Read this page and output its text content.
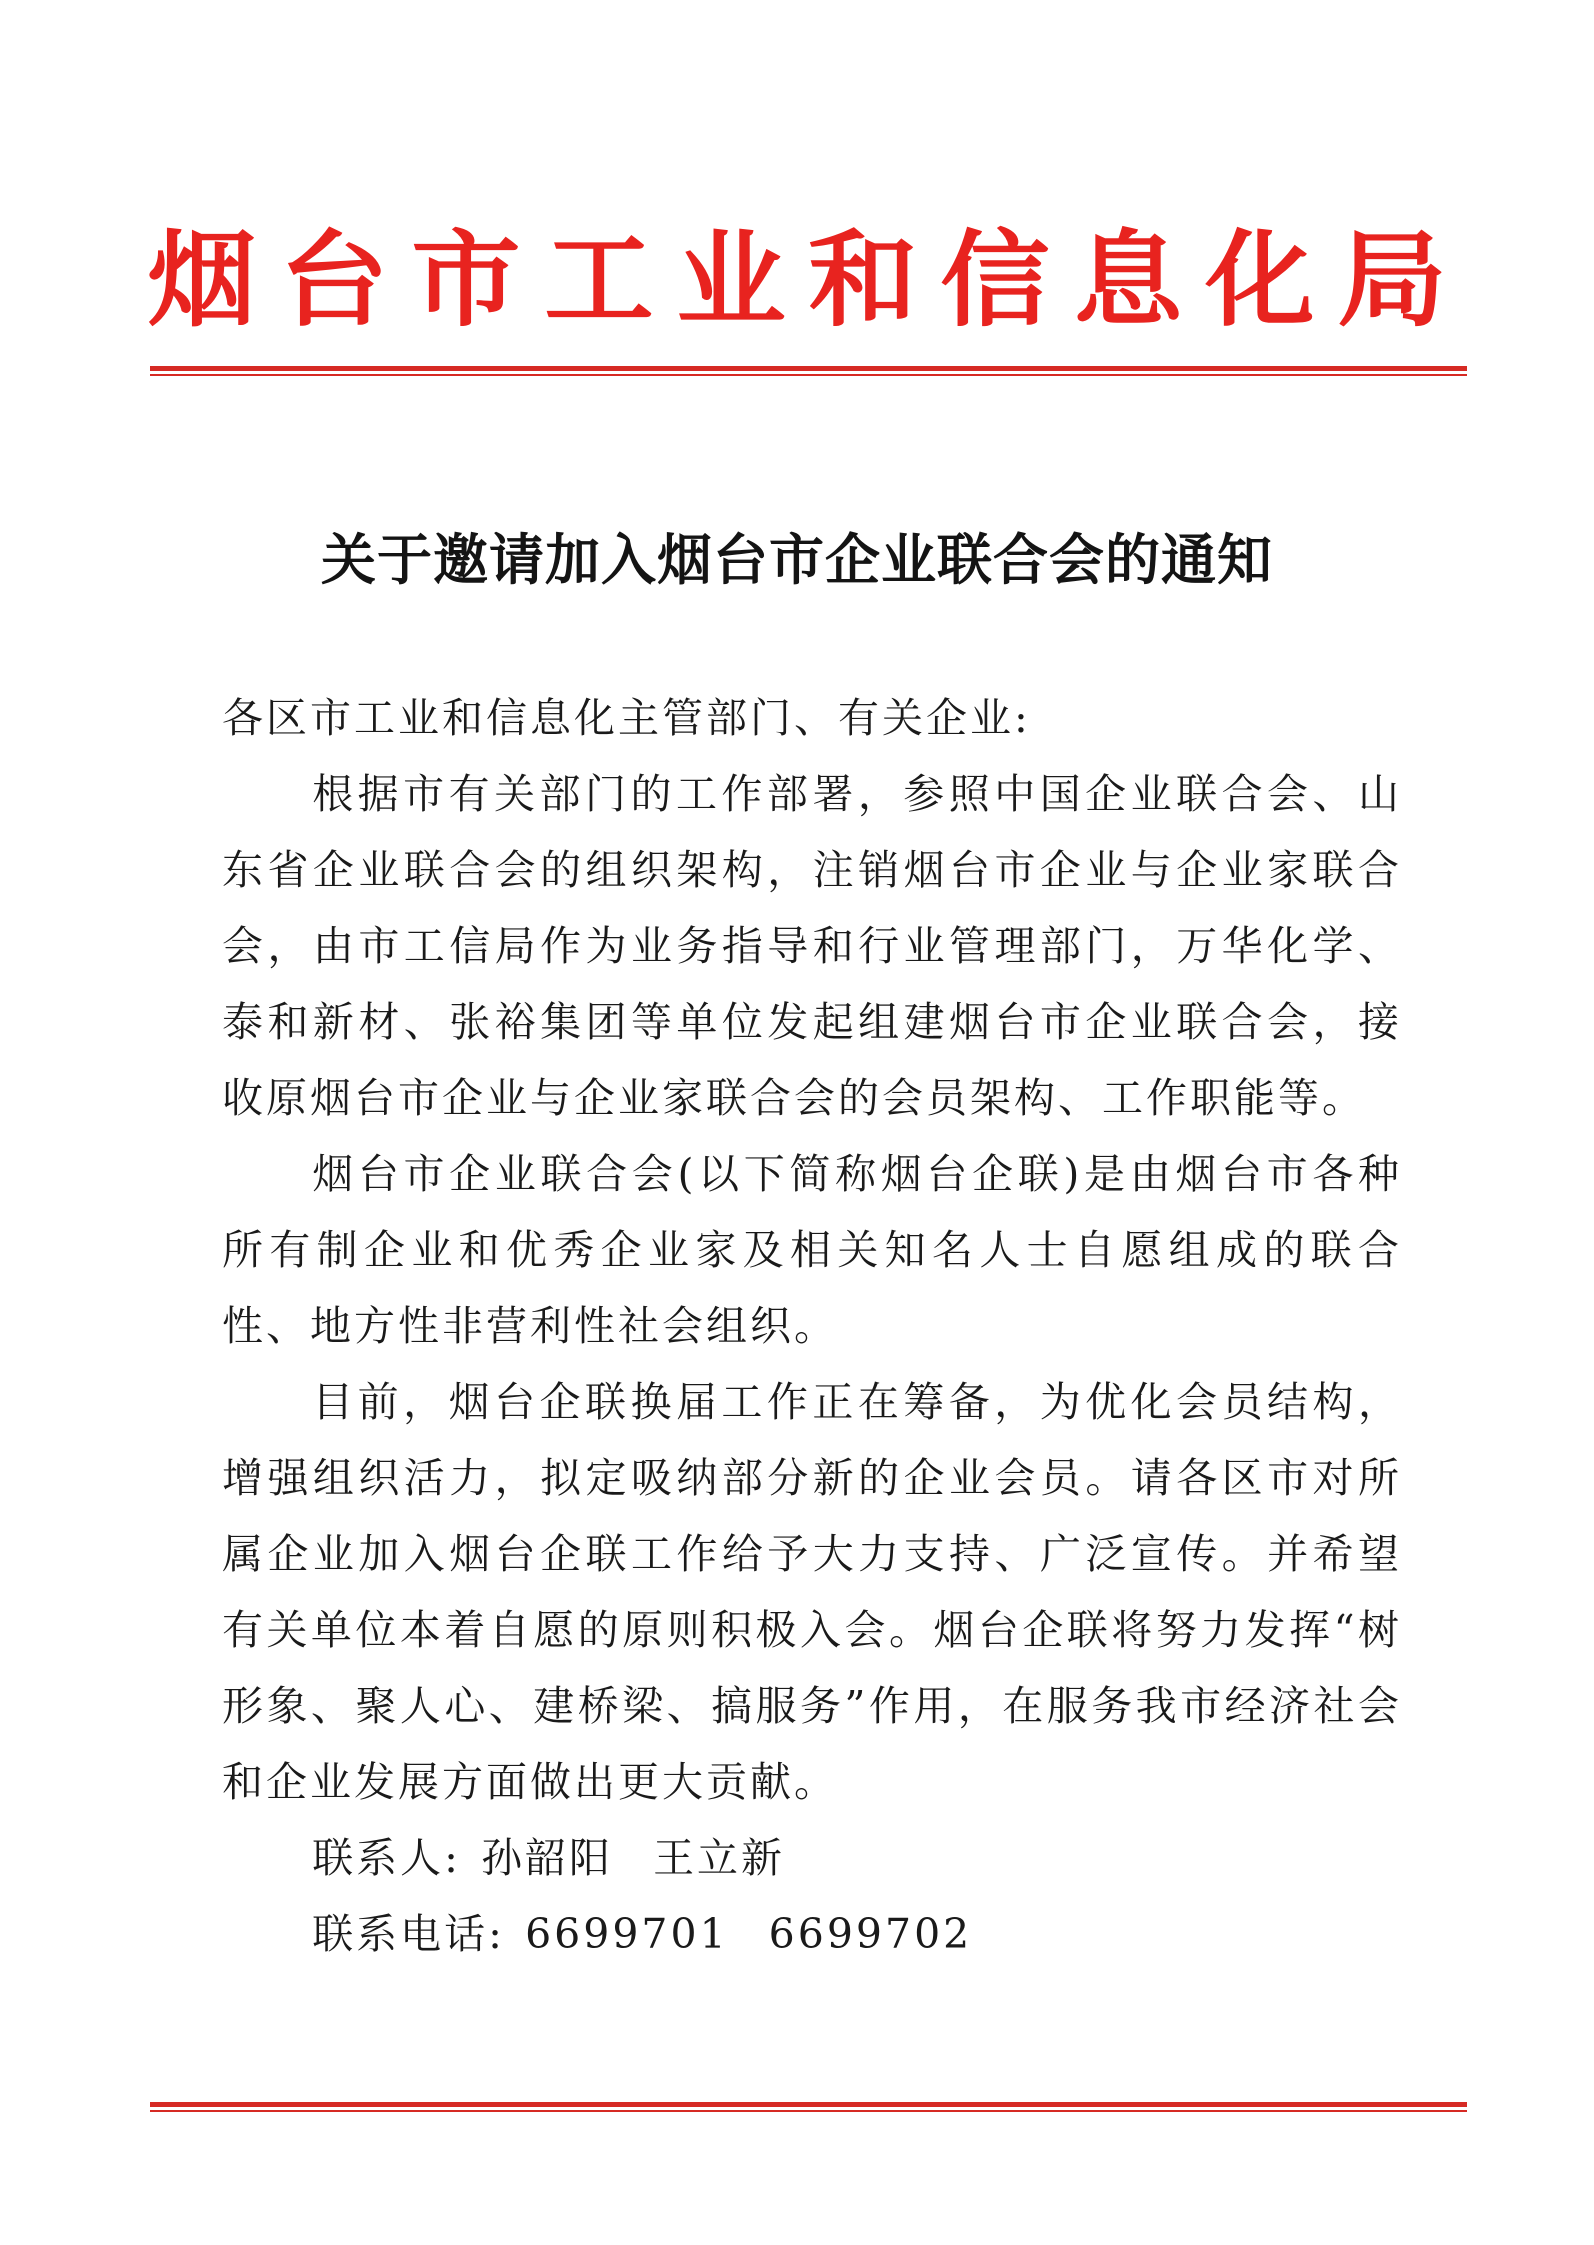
烟 台 市 工 业 和 信 息 化 局
关于邀请加入烟台市企业联合会的通知

各区市工业和信息化主管部门、有关企业:

根据市有关部门的工作部署，参照中国企业联合会、山东省企业联合会的组织架构，注销烟台市企业与企业家联合会，由市工信局作为业务指导和行业管理部门，万华化学、泰和新材、张裕集团等单位发起组建烟台市企业联合会，接收原烟台市企业与企业家联合会的会员架构、工作职能等。

烟台市企业联合会(以下简称烟台企联)是由烟台市各种所有制企业和优秀企业家及相关知名人士自愿组成的联合性、地方性非营利性社会组织。

目前，烟台企联换届工作正在筹备，为优化会员结构，增强组织活力，拟定吸纳部分新的企业会员。请各区市对所属企业加入烟台企联工作给予大力支持、广泛宣传。并希望有关单位本着自愿的原则积极入会。烟台企联将努力发挥“树形象、聚人心、建桥梁、搞服务”作用，在服务我市经济社会和企业发展方面做出更大贡献。

联系人: 孙韶阳 王立新

联系电话: 6699701 6699702
